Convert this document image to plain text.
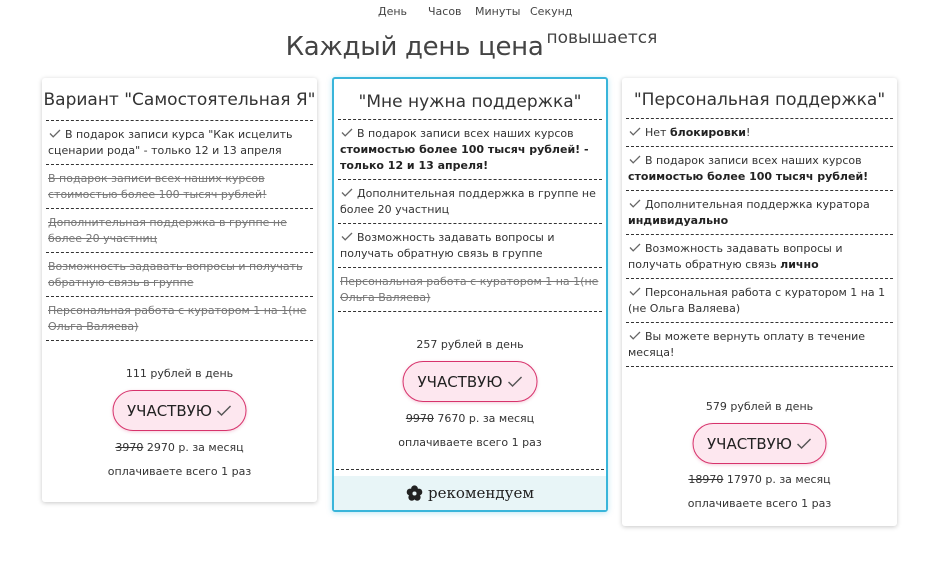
День Часов Минуты Секунд
Каждый день цена повышается
Вариант "Самостоятельная Я"
В подарок записи курса "Как исцелить сценарии рода" - только 12 и 13 апреля
В подарок записи всех наших курсов стоимостью более 100 тысяч рублей!
Дополнительная поддержка в группе не более 20 участниц
Возможность задавать вопросы и получать обратную связь в группе
Персональная работа с куратором 1 на 1(не Ольга Валяева)
111 рублей в день
УЧАСТВУЮ
3970 2970 р. за месяц
оплачиваете всего 1 раз
"Мне нужна поддержка"
В подарок записи всех наших курсов стоимостью более 100 тысяч рублей! - только 12 и 13 апреля!
Дополнительная поддержка в группе не более 20 участниц
Возможность задавать вопросы и получать обратную связь в группе
Персональная работа с куратором 1 на 1(не Ольга Валяева)
257 рублей в день
УЧАСТВУЮ
9970 7670 р. за месяц
оплачиваете всего 1 раз
рекомендуем
"Персональная поддержка"
Нет блокировки!
В подарок записи всех наших курсов стоимостью более 100 тысяч рублей!
Дополнительная поддержка куратора индивидуально
Возможность задавать вопросы и получать обратную связь лично
Персональная работа с куратором 1 на 1 (не Ольга Валяева)
Вы можете вернуть оплату в течение месяца!
579 рублей в день
УЧАСТВУЮ
18970 17970 р. за месяц
оплачиваете всего 1 раз
